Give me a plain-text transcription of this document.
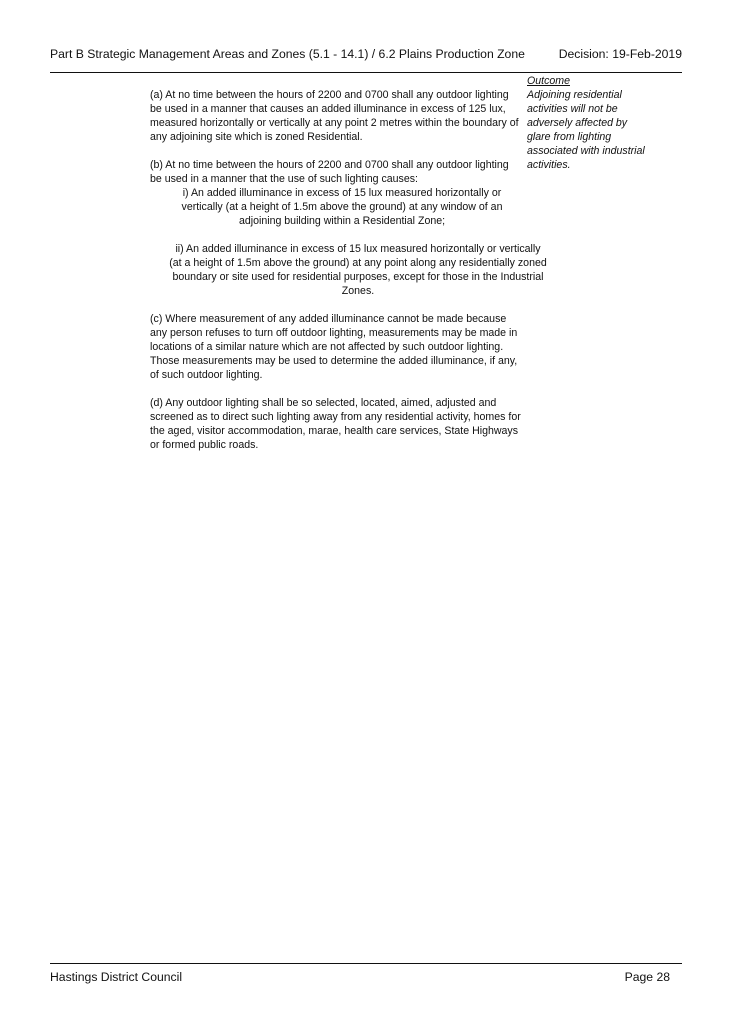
Part B Strategic Management Areas and Zones (5.1 - 14.1) / 6.2 Plains Production Zone	Decision: 19-Feb-2019

(a) At no time between the hours of 2200 and 0700 shall any outdoor lighting be used in a manner that causes an added illuminance in excess of 125 lux, measured horizontally or vertically at any point 2 metres within the boundary of any adjoining site which is zoned Residential.

(b) At no time between the hours of 2200 and 0700 shall any outdoor lighting be used in a manner that the use of such lighting causes:

i) An added illuminance in excess of 15 lux measured horizontally or vertically (at a height of 1.5m above the ground) at any window of an adjoining building within a Residential Zone;

ii) An added illuminance in excess of 15 lux measured horizontally or vertically (at a height of 1.5m above the ground) at any point along any residentially zoned boundary or site used for residential purposes, except for those in the Industrial Zones.

(c) Where measurement of any added illuminance cannot be made because any person refuses to turn off outdoor lighting, measurements may be made in locations of a similar nature which are not affected by such outdoor lighting. Those measurements may be used to determine the added illuminance, if any, of such outdoor lighting.

(d) Any outdoor lighting shall be so selected, located, aimed, adjusted and screened as to direct such lighting away from any residential activity, homes for the aged, visitor accommodation, marae, health care services, State Highways or formed public roads.

Outcome
Adjoining residential activities will not be adversely affected by glare from lighting associated with industrial activities.
Hastings District Council	Page 28
